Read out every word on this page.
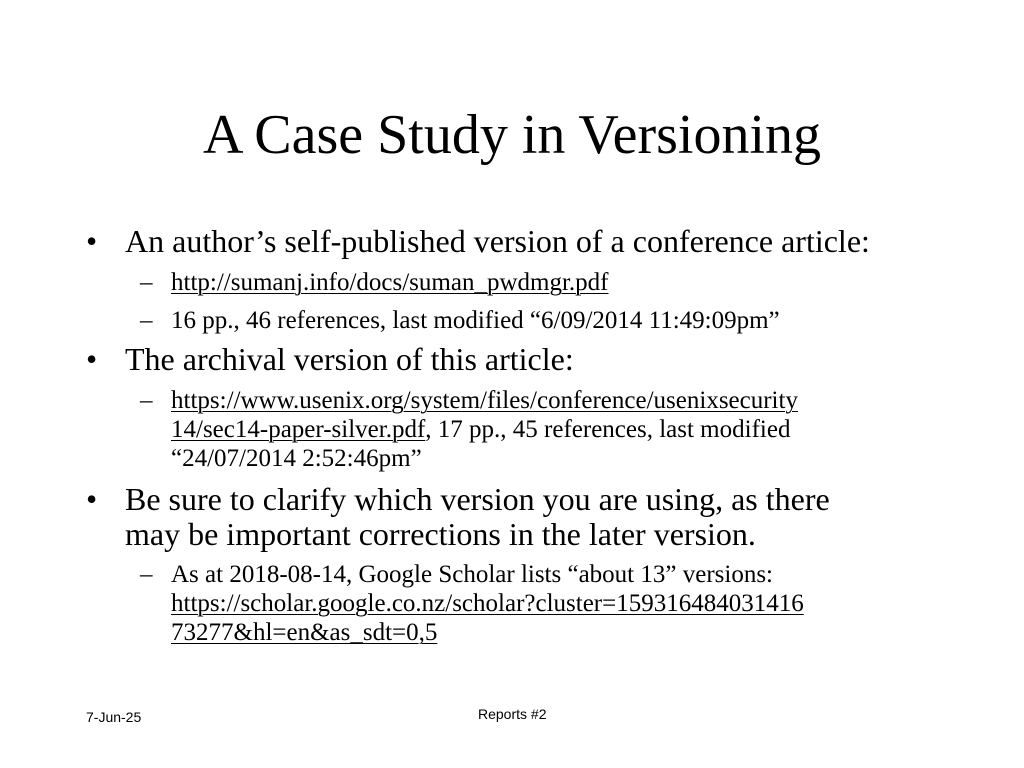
A Case Study in Versioning
• An author’s self-published version of a conference article:

– http://sumanj.info/docs/suman_pwdmgr.pdf

– 16 pp., 46 references, last modified “6/09/2014 11:49:09pm”

• The archival version of this article:

– https://www.usenix.org/system/files/conference/usenixsecurity

14/sec14-paper-silver.pdf, 17 pp., 45 references, last modified

“24/07/2014 2:52:46pm”

• Be sure to clarify which version you are using, as there

may be important corrections in the later version.

– As at 2018-08-14, Google Scholar lists “about 13” versions:

https://scholar.google.co.nz/scholar?cluster=159316484031416

73277&hl=en&as_sdt=0,5

7-Jun-25	Reports #2
